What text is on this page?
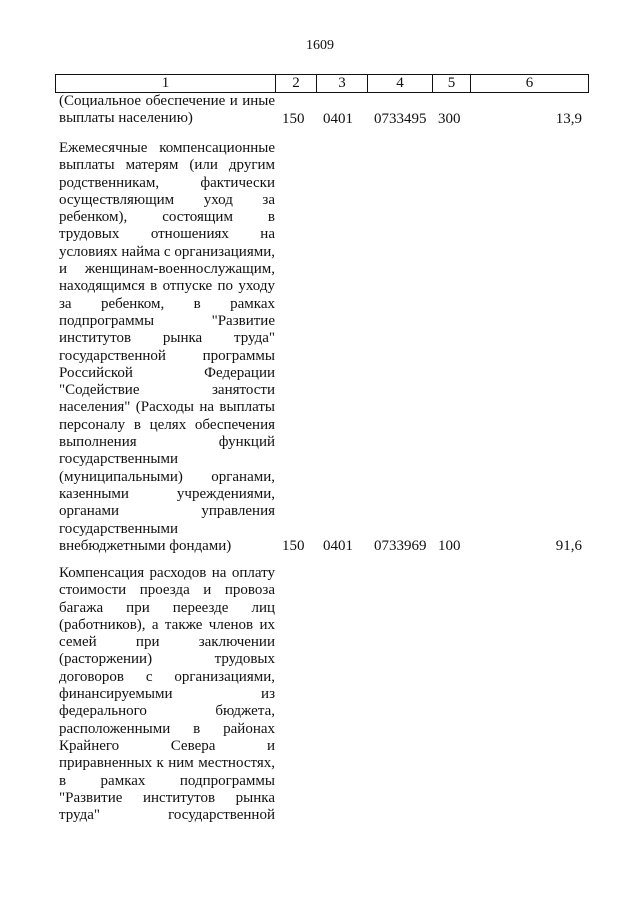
1609
1	2	3	4	5	6
(Социальное обеспечение и иные
выплаты населению)	150 0401 0733495 300	13,9
Ежемесячные компенсационные
выплаты матерям (или другим
родственникам, фактически
осуществляющим уход за
ребенком), состоящим в
трудовых отношениях на
условиях найма с организациями,
и женщинам-военнослужащим,
находящимся в отпуске по уходу
за ребенком, в рамках
подпрограммы "Развитие
институтов рынка труда"
государственной программы
Российской Федерации
"Содействие занятости
населения" (Расходы на выплаты
персоналу в целях обеспечения
выполнения функций
государственными
(муниципальными) органами,
казенными учреждениями,
органами управления
государственными
внебюджетными фондами)	150 0401 0733969 100	91,6
Компенсация расходов на оплату
стоимости проезда и провоза
багажа при переезде лиц
(работников), а также членов их
семей при заключении
(расторжении) трудовых
договоров с организациями,
финансируемыми из
федерального бюджета,
расположенными в районах
Крайнего Севера и
приравненных к ним местностях,
в рамках подпрограммы
"Развитие институтов рынка
труда" государственной
